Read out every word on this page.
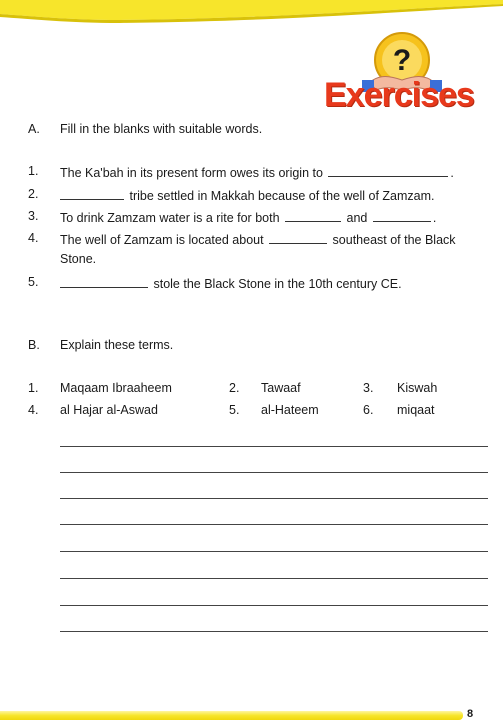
?
Exercises
A. Fill in the blanks with suitable words.
1. The Ka'bah in its present form owes its origin to	.
2.	tribe settled in Makkah because of the well of Zamzam.
3. To drink Zamzam water is a rite for both	and	.
4. The well of Zamzam is located about	southeast of the Black
Stone.
5.	stole the Black Stone in the 10th century CE.
B. Explain these terms.
1. Maqaam Ibraaheem	2. Tawaaf	3. Kiswah
4. al Hajar al-Aswad	5. al-Hateem	6. miqaat
8
